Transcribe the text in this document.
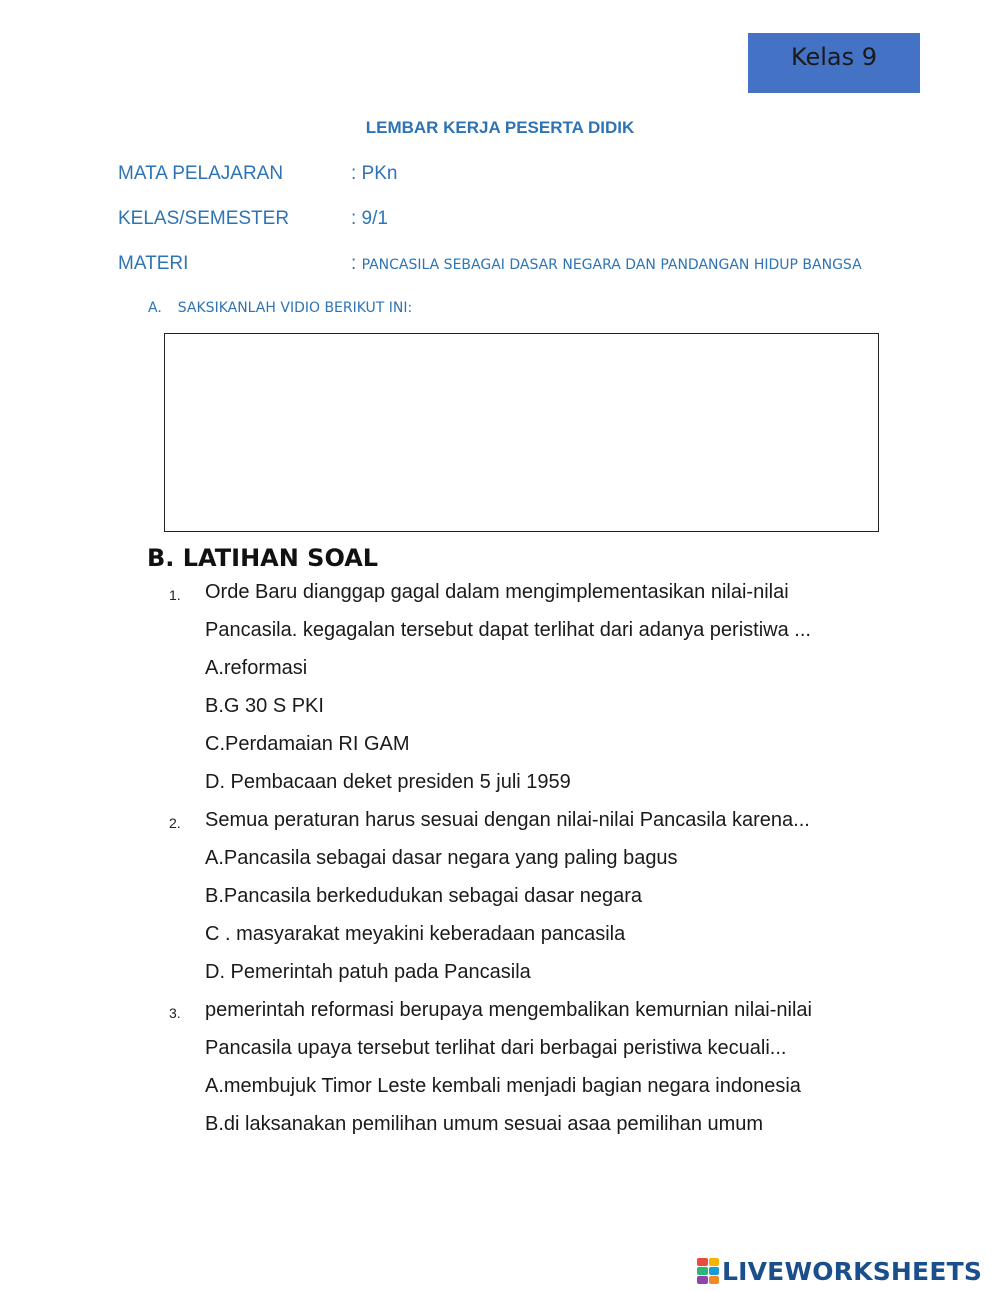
Kelas 9
LEMBAR KERJA PESERTA DIDIK
MATA PELAJARAN	: PKn
KELAS/SEMESTER	: 9/1
MATERI	: PANCASILA SEBAGAI DASAR NEGARA DAN PANDANGAN HIDUP BANGSA
A. SAKSIKANLAH VIDIO BERIKUT INI:
B. LATIHAN SOAL
1. Orde Baru dianggap gagal dalam mengimplementasikan nilai-nilai
Pancasila. kegagalan tersebut dapat terlihat dari adanya peristiwa ...
A.reformasi
B.G 30 S PKI
C.Perdamaian RI GAM
D. Pembacaan deket presiden 5 juli 1959
2. Semua peraturan harus sesuai dengan nilai-nilai Pancasila karena...
A.Pancasila sebagai dasar negara yang paling bagus
B.Pancasila berkedudukan sebagai dasar negara
C . masyarakat meyakini keberadaan pancasila
D. Pemerintah patuh pada Pancasila
3. pemerintah reformasi berupaya mengembalikan kemurnian nilai-nilai
Pancasila upaya tersebut terlihat dari berbagai peristiwa kecuali...
A.membujuk Timor Leste kembali menjadi bagian negara indonesia
B.di laksanakan pemilihan umum sesuai asaa pemilihan umum
LIVEWORKSHEETS
